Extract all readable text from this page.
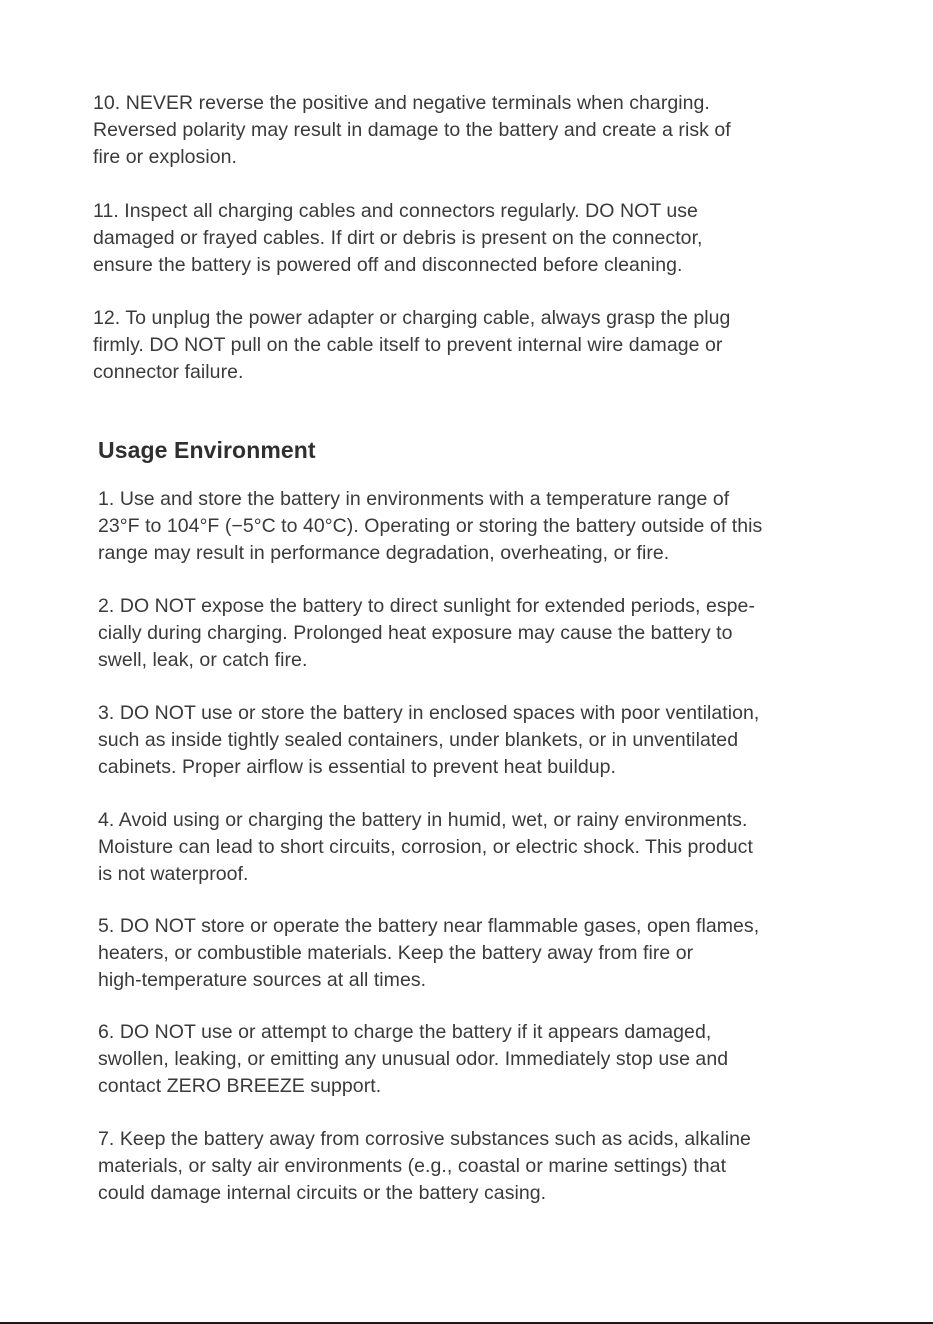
10. NEVER reverse the positive and negative terminals when charging.
Reversed polarity may result in damage to the battery and create a risk of
fire or explosion.

11. Inspect all charging cables and connectors regularly. DO NOT use
damaged or frayed cables. If dirt or debris is present on the connector,
ensure the battery is powered off and disconnected before cleaning.

12. To unplug the power adapter or charging cable, always grasp the plug
firmly. DO NOT pull on the cable itself to prevent internal wire damage or
connector failure.

Usage Environment

1. Use and store the battery in environments with a temperature range of
23°F to 104°F (−5°C to 40°C). Operating or storing the battery outside of this
range may result in performance degradation, overheating, or fire.

2. DO NOT expose the battery to direct sunlight for extended periods, espe-
cially during charging. Prolonged heat exposure may cause the battery to
swell, leak, or catch fire.

3. DO NOT use or store the battery in enclosed spaces with poor ventilation,
such as inside tightly sealed containers, under blankets, or in unventilated
cabinets. Proper airflow is essential to prevent heat buildup.

4. Avoid using or charging the battery in humid, wet, or rainy environments.
Moisture can lead to short circuits, corrosion, or electric shock. This product
is not waterproof.

5. DO NOT store or operate the battery near flammable gases, open flames,
heaters, or combustible materials. Keep the battery away from fire or
high-temperature sources at all times.

6. DO NOT use or attempt to charge the battery if it appears damaged,
swollen, leaking, or emitting any unusual odor. Immediately stop use and
contact ZERO BREEZE support.

7. Keep the battery away from corrosive substances such as acids, alkaline
materials, or salty air environments (e.g., coastal or marine settings) that
could damage internal circuits or the battery casing.
